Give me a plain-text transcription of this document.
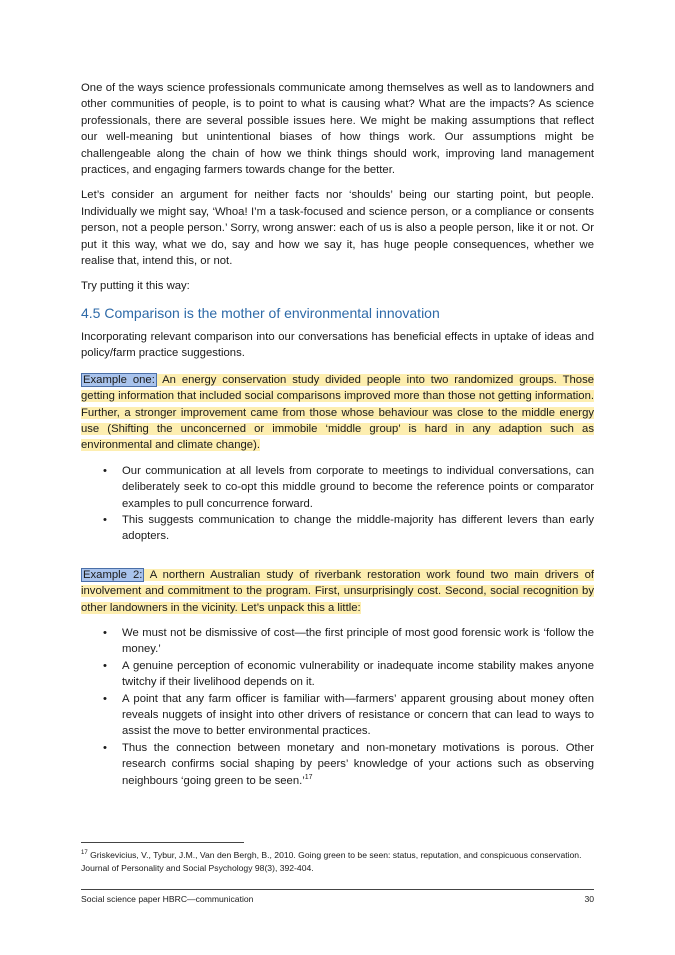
One of the ways science professionals communicate among themselves as well as to landowners and other communities of people, is to point to what is causing what? What are the impacts? As science professionals, there are several possible issues here. We might be making assumptions that reflect our well-meaning but unintentional biases of how things work. Our assumptions might be challengeable along the chain of how we think things should work, improving land management practices, and engaging farmers towards change for the better.

Let’s consider an argument for neither facts nor ‘shoulds’ being our starting point, but people. Individually we might say, ‘Whoa! I’m a task-focused and science person, or a compliance or consents person, not a people person.’ Sorry, wrong answer: each of us is also a people person, like it or not. Or put it this way, what we do, say and how we say it, has huge people consequences, whether we realise that, intend this, or not.

Try putting it this way:

4.5 Comparison is the mother of environmental innovation

Incorporating relevant comparison into our conversations has beneficial effects in uptake of ideas and policy/farm practice suggestions.

Example one: An energy conservation study divided people into two randomized groups. Those getting information that included social comparisons improved more than those not getting information. Further, a stronger improvement came from those whose behaviour was close to the middle energy use (Shifting the unconcerned or immobile ‘middle group’ is hard in any adaption such as environmental and climate change).

• Our communication at all levels from corporate to meetings to individual conversations, can deliberately seek to co-opt this middle ground to become the reference points or comparator examples to pull concurrence forward.
• This suggests communication to change the middle-majority has different levers than early adopters.

Example 2: A northern Australian study of riverbank restoration work found two main drivers of involvement and commitment to the program. First, unsurprisingly cost. Second, social recognition by other landowners in the vicinity. Let’s unpack this a little:

• We must not be dismissive of cost—the first principle of most good forensic work is ‘follow the money.’
• A genuine perception of economic vulnerability or inadequate income stability makes anyone twitchy if their livelihood depends on it.
• A point that any farm officer is familiar with—farmers’ apparent grousing about money often reveals nuggets of insight into other drivers of resistance or concern that can lead to ways to assist the move to better environmental practices.
• Thus the connection between monetary and non-monetary motivations is porous. Other research confirms social shaping by peers’ knowledge of your actions such as observing neighbours ‘going green to be seen.’$^{17}$
$^{17}$ Griskevicius, V., Tybur, J.M., Van den Bergh, B., 2010. Going green to be seen: status, reputation, and conspicuous conservation. Journal of Personality and Social Psychology 98(3), 392-404.
Social science paper HBRC—communication	30
